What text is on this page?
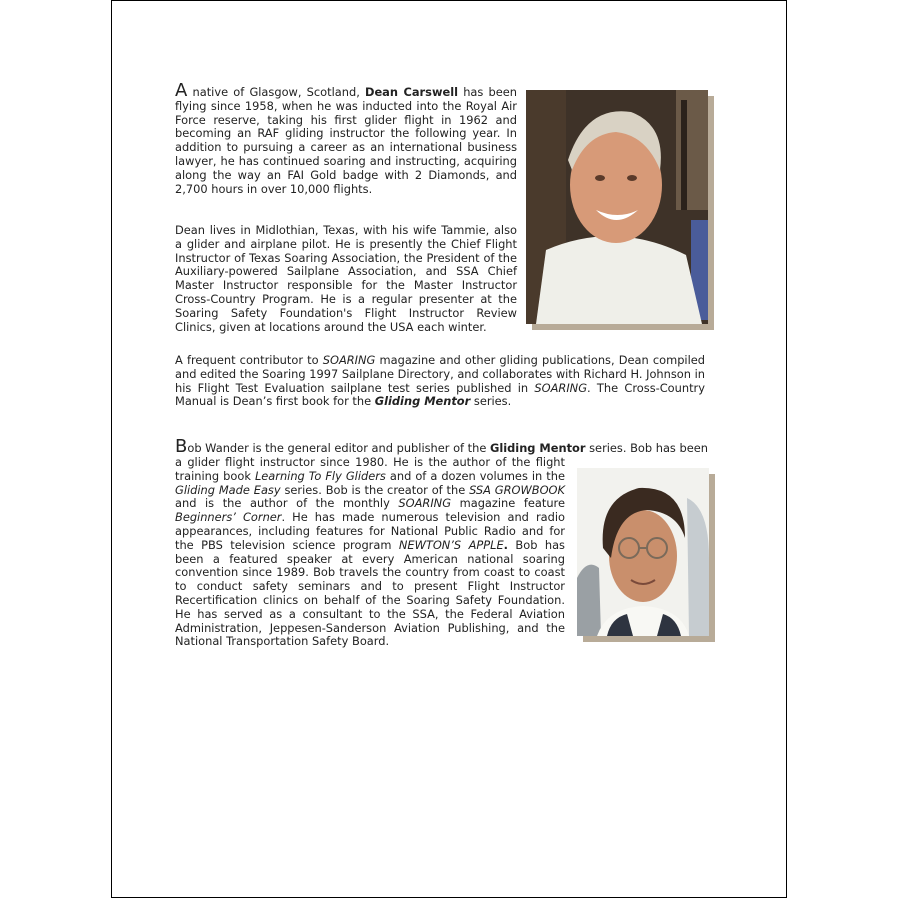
A native of Glasgow, Scotland, Dean Carswell has been flying since 1958, when he was inducted into the Royal Air Force reserve, taking his first glider flight in 1962 and becoming an RAF gliding instructor the following year. In addition to pursuing a career as an international business lawyer, he has continued soaring and instructing, acquiring along the way an FAI Gold badge with 2 Diamonds, and 2,700 hours in over 10,000 flights.

Dean lives in Midlothian, Texas, with his wife Tammie, also a glider and airplane pilot. He is presently the Chief Flight Instructor of Texas Soaring Association, the President of the Auxiliary-powered Sailplane Association, and SSA Chief Master Instructor responsible for the Master Instructor Cross-Country Program. He is a regular presenter at the Soaring Safety Foundation's Flight Instructor Review Clinics, given at locations around the USA each winter.

A frequent contributor to SOARING magazine and other gliding publications, Dean compiled and edited the Soaring 1997 Sailplane Directory, and collaborates with Richard H. Johnson in his Flight Test Evaluation sailplane test series published in SOARING. The Cross-Country Manual is Dean’s first book for the Gliding Mentor series.

Bob Wander is the general editor and publisher of the Gliding Mentor series. Bob has been

a glider flight instructor since 1980. He is the author of the flight training book Learning To Fly Gliders and of a dozen volumes in the Gliding Made Easy series. Bob is the creator of the SSA GROWBOOK and is the author of the monthly SOARING magazine feature Beginners’ Corner. He has made numerous television and radio appearances, including features for National Public Radio and for the PBS television science program NEWTON’S APPLE. Bob has been a featured speaker at every American national soaring convention since 1989. Bob travels the country from coast to coast to conduct safety seminars and to present Flight Instructor Recertification clinics on behalf of the Soaring Safety Foundation. He has served as a consultant to the SSA, the Federal Aviation Administration, Jeppesen-Sanderson Aviation Publishing, and the National Transportation Safety Board.
